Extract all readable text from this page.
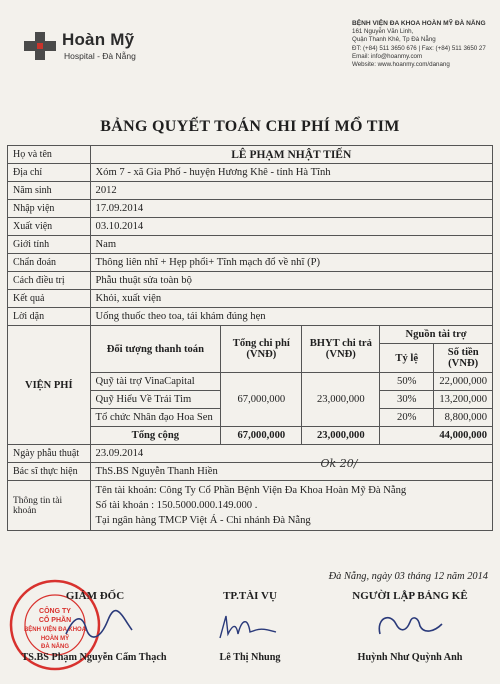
Hoàn Mỹ
Hospital - Đà Nẵng
BỆNH VIỆN ĐA KHOA HOÀN MỸ ĐÀ NẴNG
161 Nguyễn Văn Linh,
Quận Thanh Khê, Tp Đà Nẵng
ĐT: (+84) 511 3650 676 | Fax: (+84) 511 3650 27
Email: info@hoanmy.com
Website: www.hoanmy.com/danang
BẢNG QUYẾT TOÁN CHI PHÍ MỔ TIM
Họ và tên	LÊ PHẠM NHẬT TIẾN				
Địa chỉ	Xóm 7 - xã Gia Phố - huyện Hương Khê - tỉnh Hà Tĩnh				
Năm sinh	2012				
Nhập viện	17.09.2014				
Xuất viện	03.10.2014				
Giới tính	Nam				
Chẩn đoán	Thông liên nhĩ + Hẹp phổi+ Tĩnh mạch đổ về nhĩ (P)				
Cách điều trị	Phẫu thuật sửa toàn bộ				
Kết quả	Khỏi, xuất viện				
Lời dặn	Uống thuốc theo toa, tái khám đúng hẹn				
VIỆN PHÍ	Đối tượng thanh toán	Tổng chi phí (VNĐ)	BHYT chi trả (VNĐ)	Nguồn tài trợ	
				Tỷ lệ	Số tiền (VNĐ)
	Quỹ tài trợ VinaCapital	67,000,000	23,000,000	50%	22,000,000
	Quỹ Hiểu Về Trái Tim			30%	13,200,000
	Tổ chức Nhân đạo Hoa Sen			20%	8,800,000
	Tổng cộng	67,000,000	23,000,000	44,000,000	
Ngày phẫu thuật	23.09.2014				
Bác sĩ thực hiện	ThS.BS Nguyễn Thanh Hiền
Ok 20/				

Thông tin tài khoản	Tên tài khoản: Công Ty Cổ Phần Bệnh Viện Đa Khoa Hoàn Mỹ Đà Nẵng
Số tài khoản : 150.5000.000.149.000 .
Tại ngân hàng TMCP Việt Á - Chi nhánh Đà Nẵng				
Đà Nẵng, ngày 03 tháng 12 năm 2014
CÔNG TY
CỔ PHẦN
BỆNH VIỆN ĐA KHOA
HOÀN MỸ
ĐÀ NẴNG
GIÁM ĐỐC	TP.TÀI VỤ	NGƯỜI LẬP BẢNG KÊ
TS.BS Phạm Nguyễn Cẩm Thạch	Lê Thị Nhung	Huỳnh Như Quỳnh Anh
